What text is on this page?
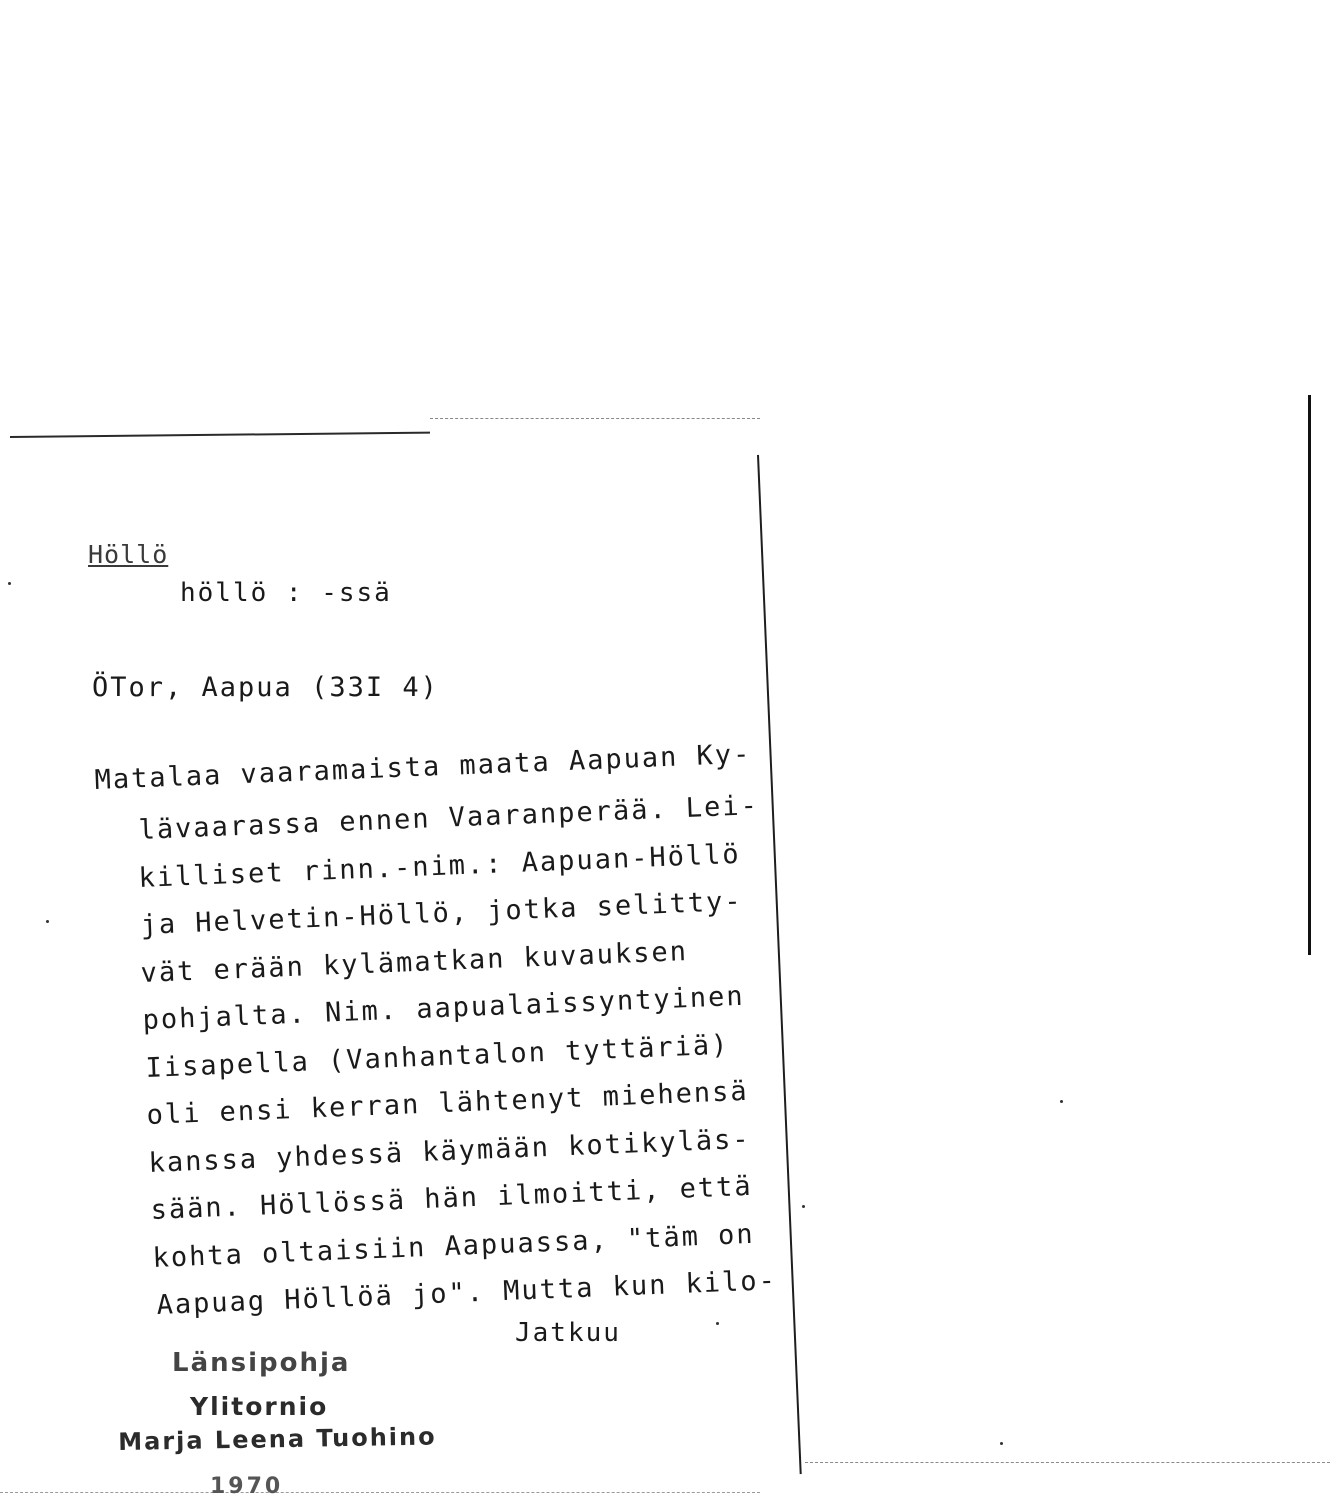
Höllö
höllö : -ssä
ÖTor, Aapua (33I 4)
Matalaa vaaramaista maata Aapuan Ky-
lävaarassa ennen Vaaranperää. Lei-
killiset rinn.-nim.: Aapuan-Höllö
ja Helvetin-Höllö, jotka selitty-
vät erään kylämatkan kuvauksen
pohjalta. Nim. aapualaissyntyinen
Iisapella (Vanhantalon tyttäriä)
oli ensi kerran lähtenyt miehensä
kanssa yhdessä käymään kotikyläs-
sään. Höllössä hän ilmoitti, että
kohta oltaisiin Aapuassa, "täm on
Aapuag Höllöä jo". Mutta kun kilo-
Jatkuu
Länsipohja
Ylitornio
Marja Leena Tuohino
1970
